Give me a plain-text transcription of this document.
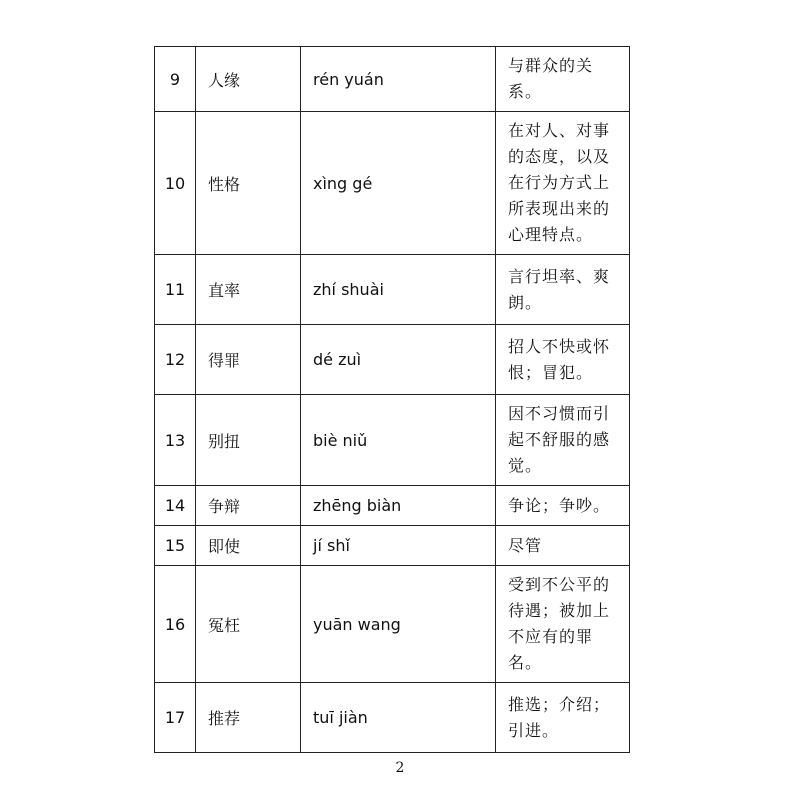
9	人缘	rén yuán	与群众的关系。
10	性格	xìng gé	在对人、对事的态度，以及在行为方式上所表现出来的心理特点。
11	直率	zhí shuài	言行坦率、爽朗。
12	得罪	dé zuì	招人不快或怀恨；冒犯。
13	别扭	biè niǔ	因不习惯而引起不舒服的感觉。
14	争辩	zhēng biàn	争论；争吵。
15	即使	jí shǐ	尽管
16	冤枉	yuān wang	受到不公平的待遇；被加上不应有的罪名。
17	推荐	tuī jiàn	推选；介绍；引进。
2
